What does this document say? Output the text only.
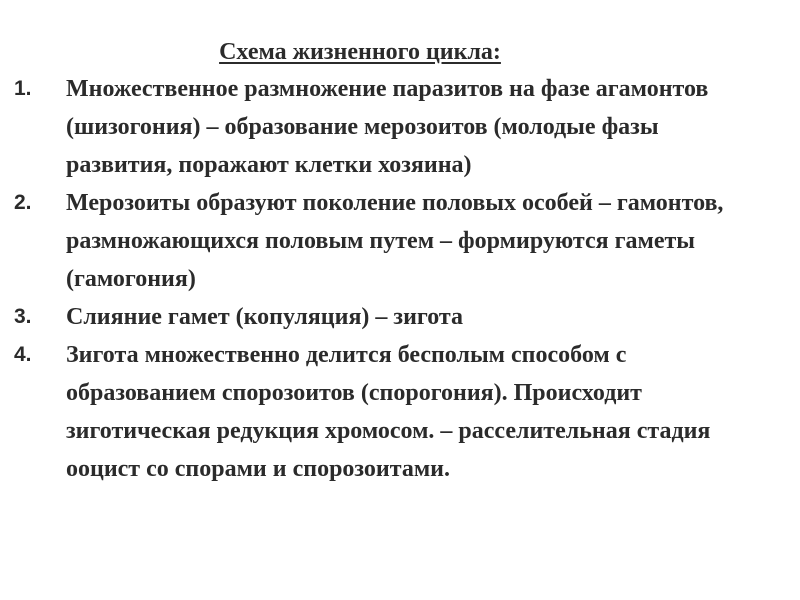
Схема жизненного цикла:
1.	Множественное размножение паразитов на фазе агамонтов (шизогония) – образование мерозоитов (молодые фазы развития, поражают клетки хозяина)
2.	Мерозоиты образуют поколение половых особей – гамонтов, размножающихся половым путем – формируются гаметы (гамогония)
3.	Слияние гамет (копуляция) – зигота
4.	Зигота множественно делится бесполым способом с образованием спорозоитов (спорогония). Происходит зиготическая редукция хромосом. – расселительная стадия ооцист со спорами и спорозоитами.
